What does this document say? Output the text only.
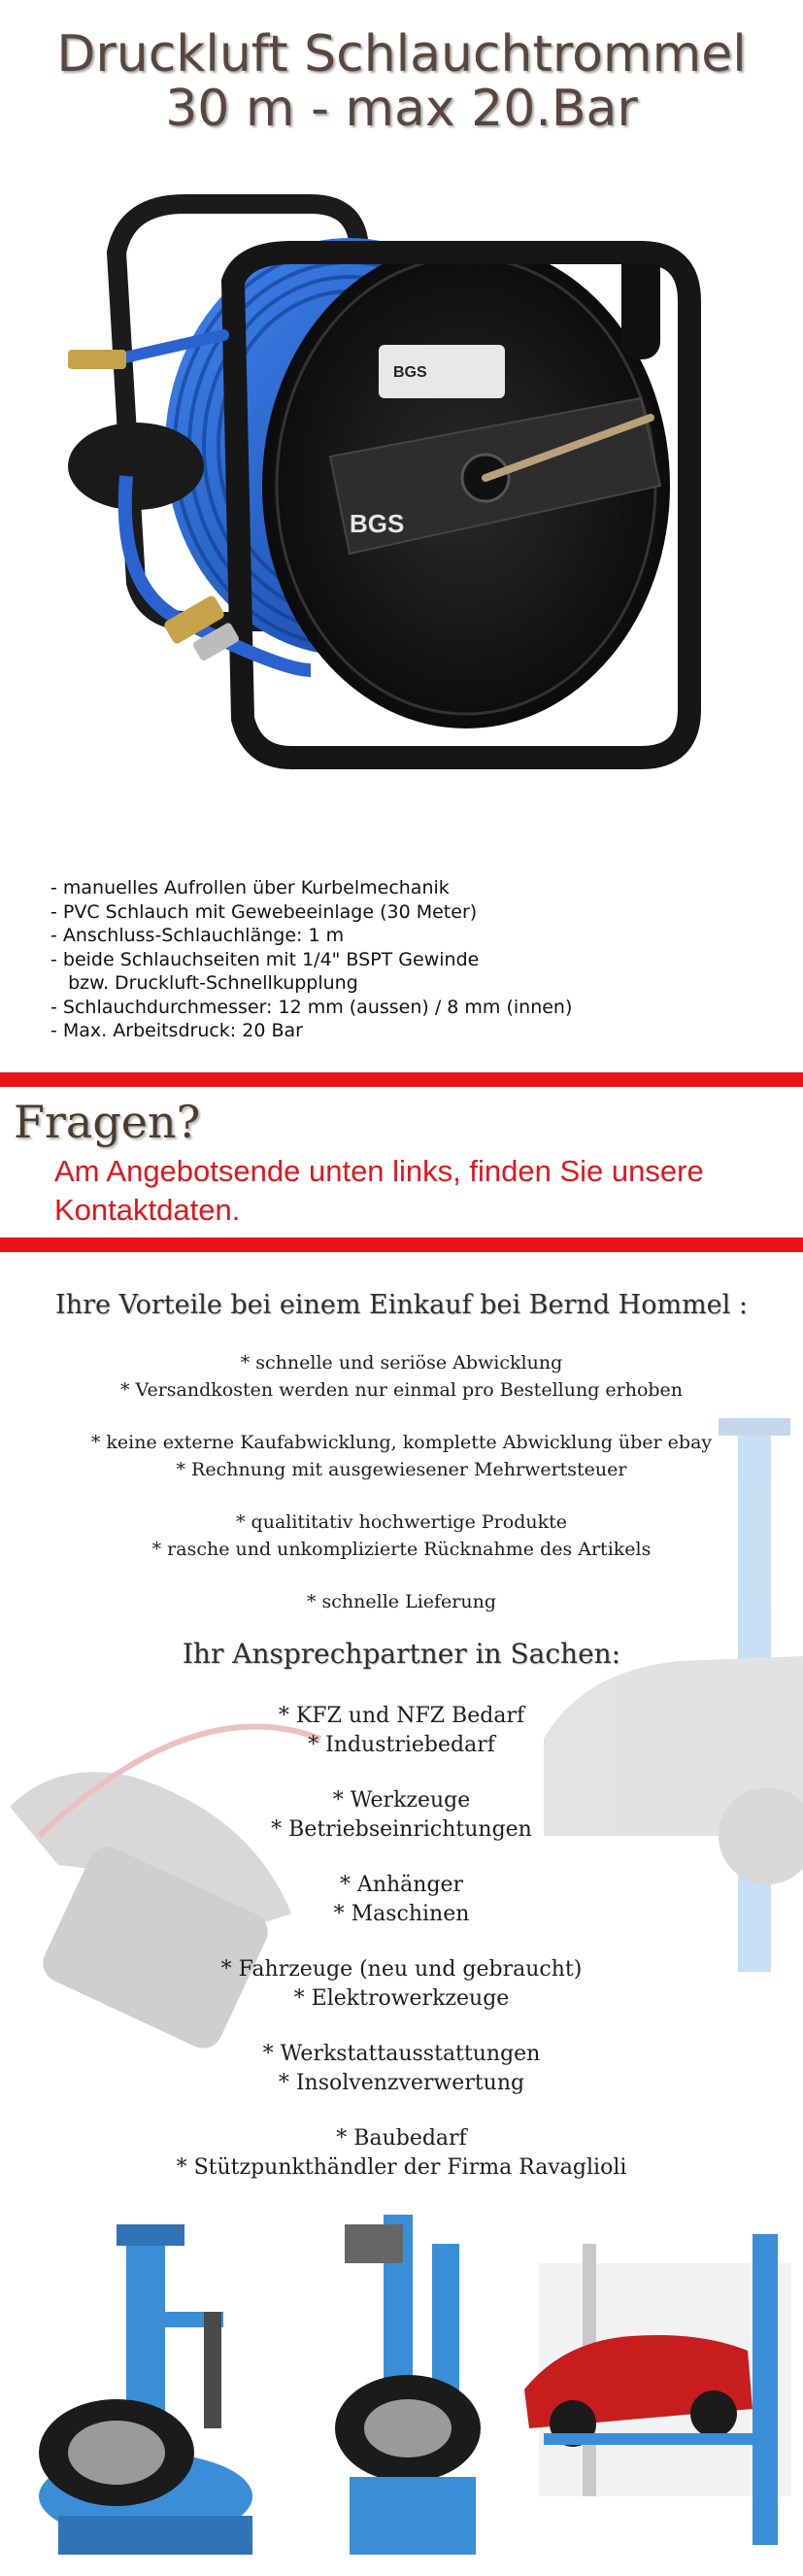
Druckluft Schlauchtrommel
30 m - max 20.Bar
BGS
BGS
- manuelles Aufrollen über Kurbelmechanik
- PVC Schlauch mit Gewebeeinlage (30 Meter)
- Anschluss-Schlauchlänge: 1 m
- beide Schlauchseiten mit 1/4" BSPT Gewinde
bzw. Druckluft-Schnellkupplung
- Schlauchdurchmesser: 12 mm (aussen) / 8 mm (innen)
- Max. Arbeitsdruck: 20 Bar
Fragen?
Am Angebotsende unten links, finden Sie unsere Kontaktdaten.
Ihre Vorteile bei einem Einkauf bei Bernd Hommel :
* schnelle und seriöse Abwicklung
* Versandkosten werden nur einmal pro Bestellung erhoben
* keine externe Kaufabwicklung, komplette Abwicklung über ebay
* Rechnung mit ausgewiesener Mehrwertsteuer
* qualititativ hochwertige Produkte
* rasche und unkomplizierte Rücknahme des Artikels
* schnelle Lieferung
Ihr Ansprechpartner in Sachen:
* KFZ und NFZ Bedarf
* Industriebedarf
* Werkzeuge
* Betriebseinrichtungen
* Anhänger
* Maschinen
* Fahrzeuge (neu und gebraucht)
* Elektrowerkzeuge
* Werkstattausstattungen
* Insolvenzverwertung
* Baubedarf
* Stützpunkthändler der Firma Ravaglioli
